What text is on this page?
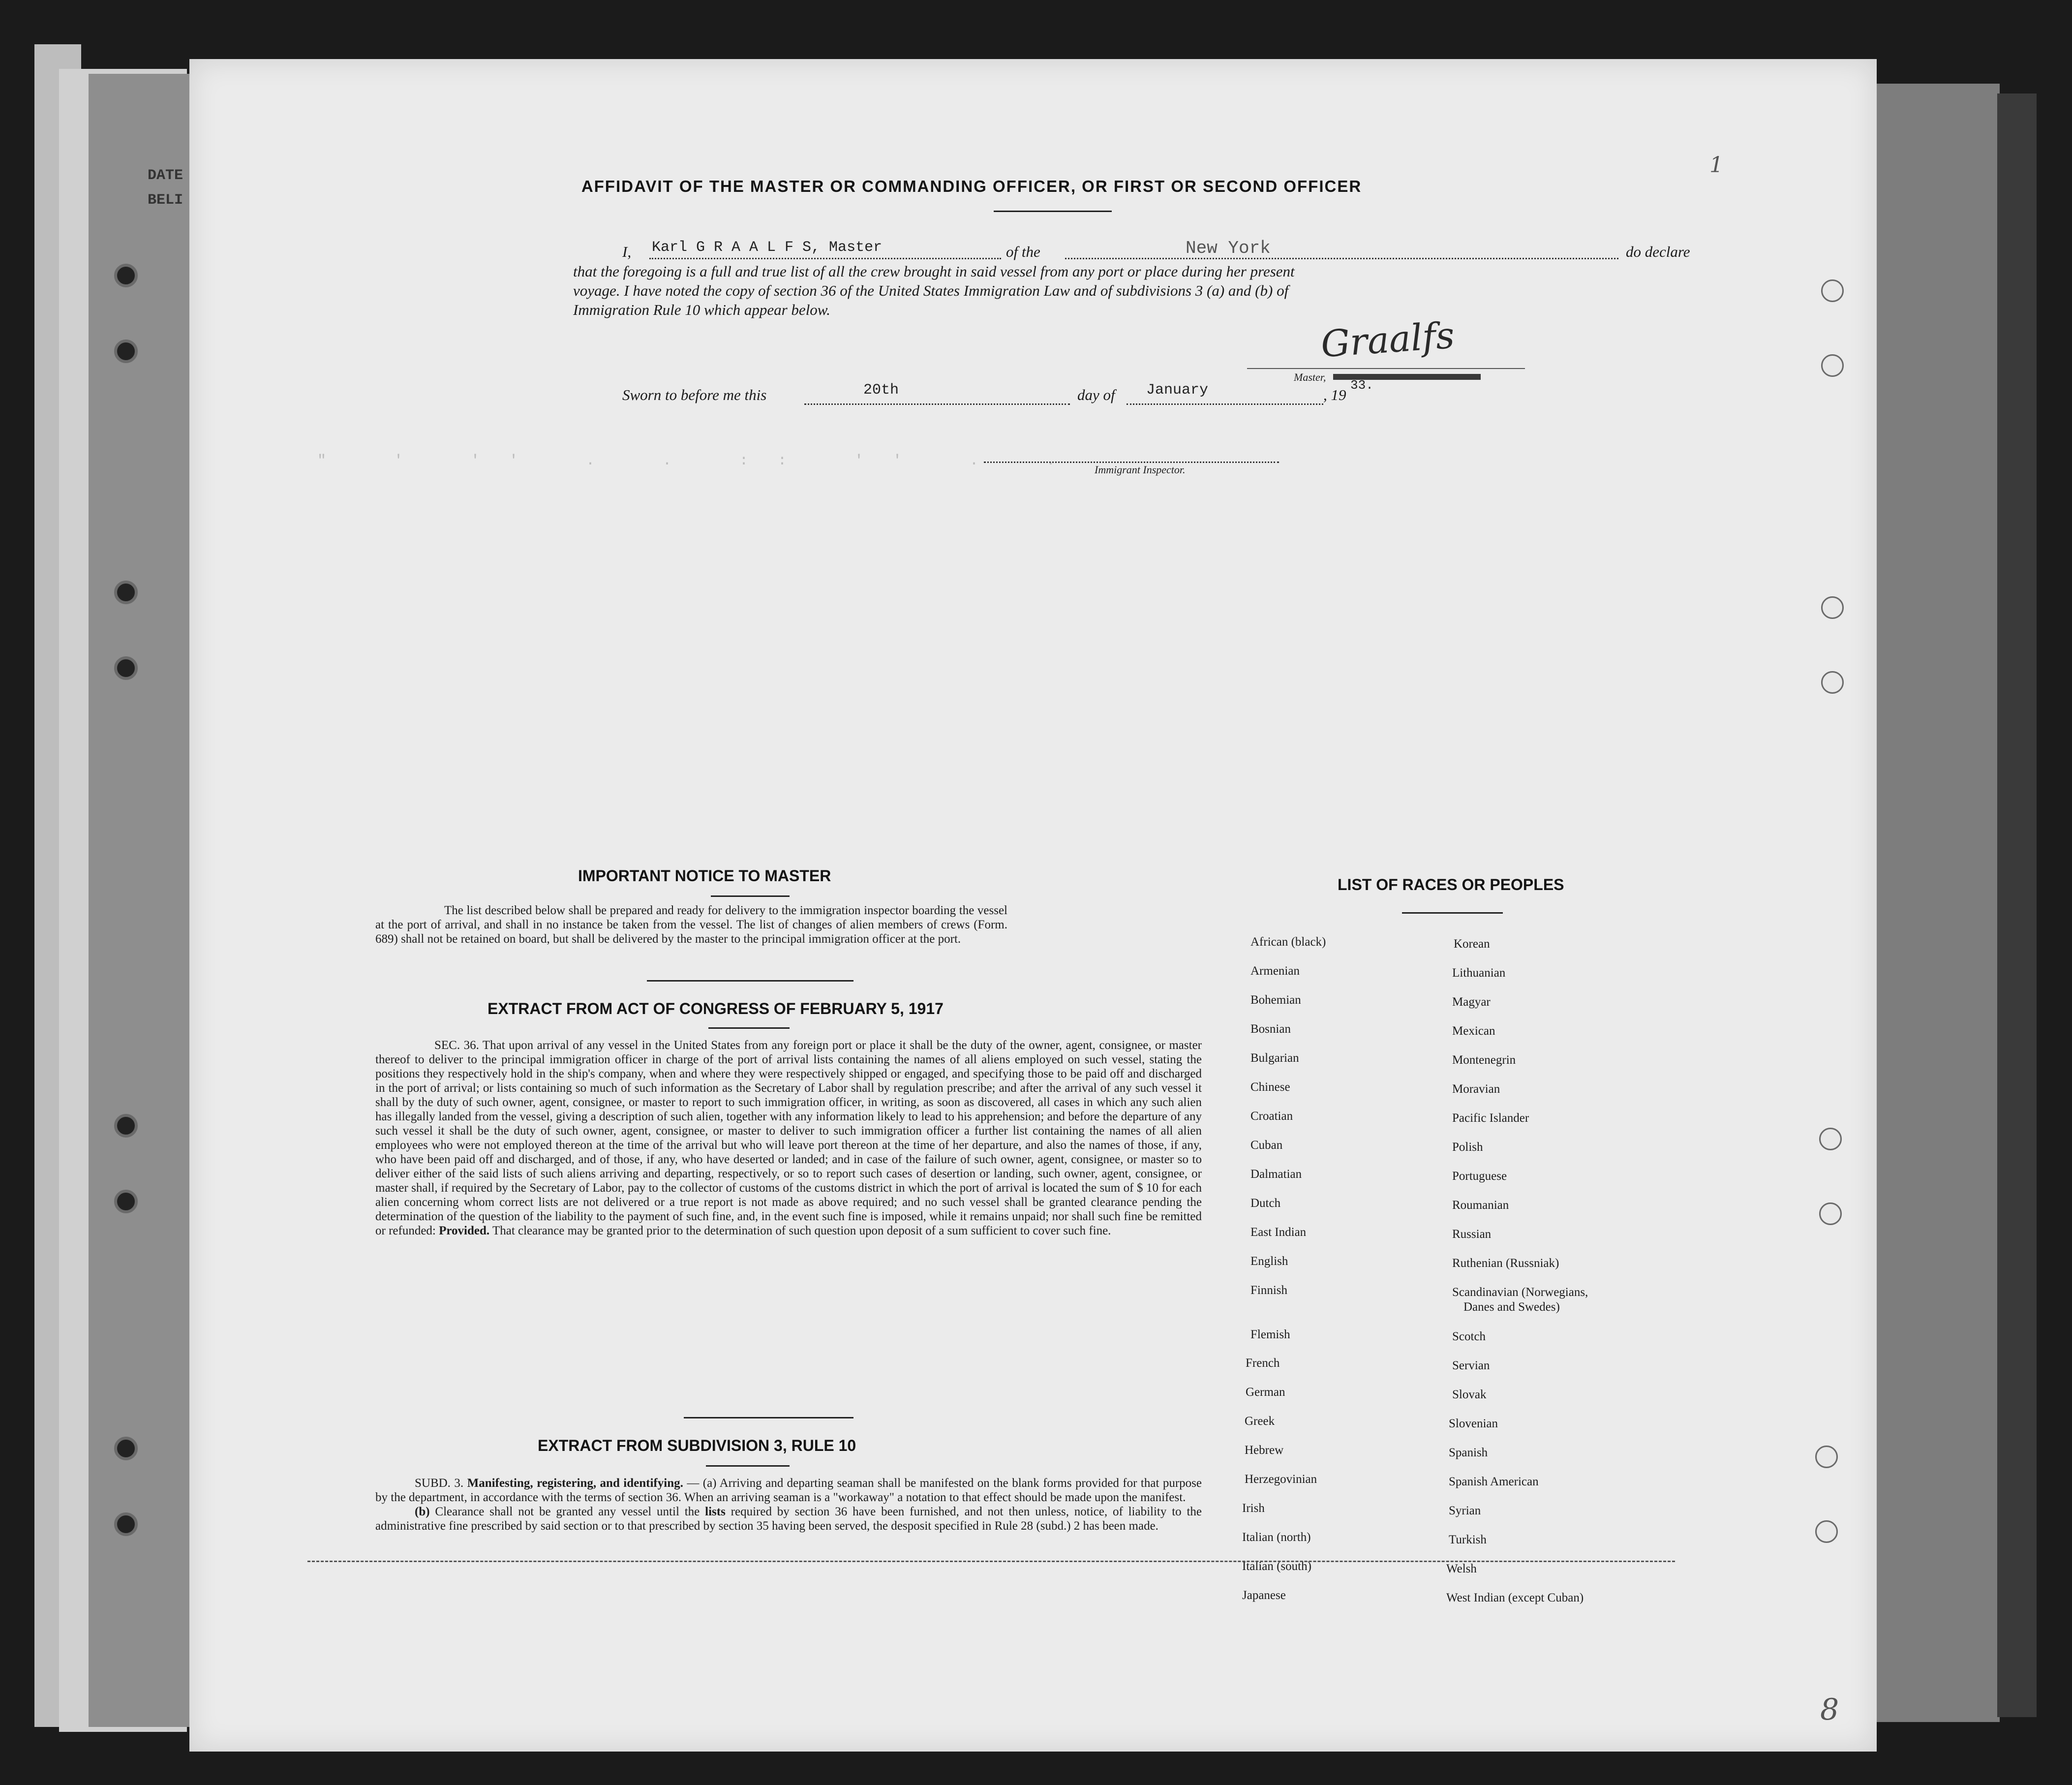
DATE
BELI
" ' '' . . :: '' . .
AFFIDAVIT OF THE MASTER OR COMMANDING OFFICER, OR FIRST OR SECOND OFFICER
I, Karl G R A A L F S, Master	of the	New York	do declare
that the foregoing is a full and true list of all the crew brought in said vessel from any port or place during her present
voyage. I have noted the copy of section 36 of the United States Immigration Law and of subdivisions 3 (a) and (b) of
Immigration Rule 10 which appear below.
Graalfs
Master,
Sworn to before me this	20th	day of January	, 19
33.
Immigrant Inspector.
IMPORTANT NOTICE TO MASTER
The list described below shall be prepared and ready for delivery to the immigration inspector boarding the vessel at the port of arrival, and shall in no instance be taken from the vessel. The list of changes of alien members of crews (Form. 689) shall not be retained on board, but shall be delivered by the master to the principal immigration officer at the port.
EXTRACT FROM ACT OF CONGRESS OF FEBRUARY 5, 1917
SEC. 36. That upon arrival of any vessel in the United States from any foreign port or place it shall be the duty of the owner, agent, consignee, or master thereof to deliver to the principal immigration officer in charge of the port of arrival lists containing the names of all aliens employed on such vessel, stating the positions they respectively hold in the ship's company, when and where they were respectively shipped or engaged, and specifying those to be paid off and discharged in the port of arrival; or lists containing so much of such information as the Secretary of Labor shall by regulation prescribe; and after the arrival of any such vessel it shall by the duty of such owner, agent, consignee, or master to report to such immigration officer, in writing, as soon as discovered, all cases in which any such alien has illegally landed from the vessel, giving a description of such alien, together with any information likely to lead to his apprehension; and before the departure of any such vessel it shall be the duty of such owner, agent, consignee, or master to deliver to such immigration officer a further list containing the names of all alien employees who were not employed thereon at the time of the arrival but who will leave port thereon at the time of her departure, and also the names of those, if any, who have been paid off and discharged, and of those, if any, who have deserted or landed; and in case of the failure of such owner, agent, consignee, or master so to deliver either of the said lists of such aliens arriving and departing, respectively, or so to report such cases of desertion or landing, such owner, agent, consignee, or master shall, if required by the Secretary of Labor, pay to the collector of customs of the customs district in which the port of arrival is located the sum of $ 10 for each alien concerning whom correct lists are not delivered or a true report is not made as above required; and no such vessel shall be granted clearance pending the determination of the question of the liability to the payment of such fine, and, in the event such fine is imposed, while it remains unpaid; nor shall such fine be remitted or refunded: Provided. That clearance may be granted prior to the determination of such question upon deposit of a sum sufficient to cover such fine.
EXTRACT FROM SUBDIVISION 3, RULE 10
SUBD. 3. Manifesting, registering, and identifying. — (a) Arriving and departing seaman shall be manifested on the blank forms provided for that purpose by the department, in accordance with the terms of section 36. When an arriving seaman is a "workaway" a notation to that effect should be made upon the manifest.
(b) Clearance shall not be granted any vessel until the lists required by section 36 have been furnished, and not then unless, notice, of liability to the administrative fine prescribed by said section or to that prescribed by section 35 having been served, the desposit specified in Rule 28 (subd.) 2 has been made.
LIST OF RACES OR PEOPLES
African (black)
Armenian
Bohemian
Bosnian
Bulgarian
Chinese
Croatian
Cuban
Dalmatian
Dutch
East Indian
English
Finnish
Flemish
French
German
Greek
Hebrew
Herzegovinian
Irish
Italian (north)
Italian (south)
Japanese
Korean
Lithuanian
Magyar
Mexican
Montenegrin
Moravian
Pacific Islander
Polish
Portuguese
Roumanian
Russian
Ruthenian (Russniak)
Scandinavian (Norwegians,
Danes and Swedes)
Scotch
Servian
Slovak
Slovenian
Spanish
Spanish American
Syrian
Turkish
Welsh
West Indian (except Cuban)
1
8
